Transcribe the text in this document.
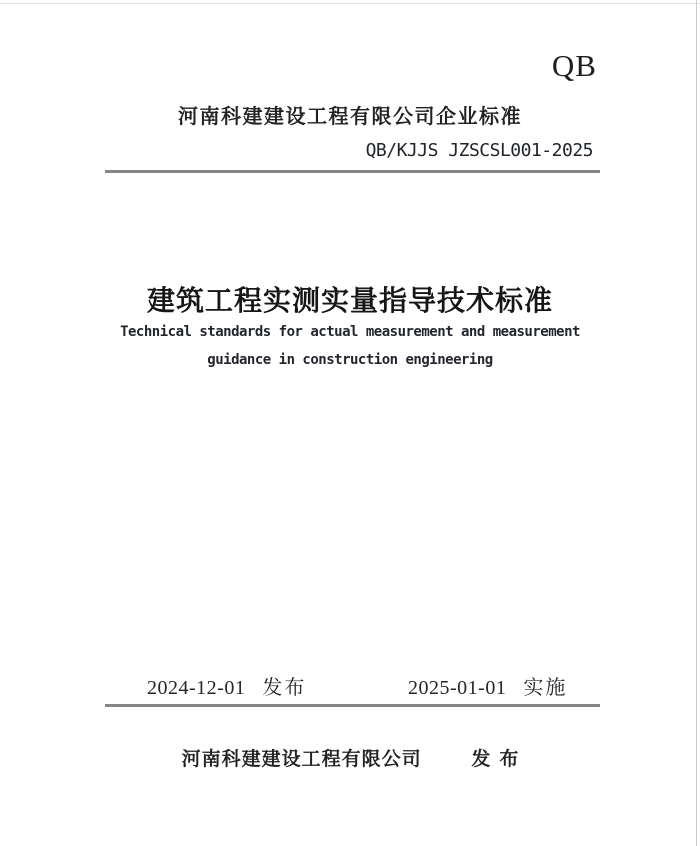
QB
河南科建建设工程有限公司企业标准
QB/KJJS JZSCSL001-2025
建筑工程实测实量指导技术标准
Technical standards for actual measurement and measurement
guidance in construction engineering
2024-12-01 发布	2025-01-01 实施
河南科建建设工程有限公司	发布
